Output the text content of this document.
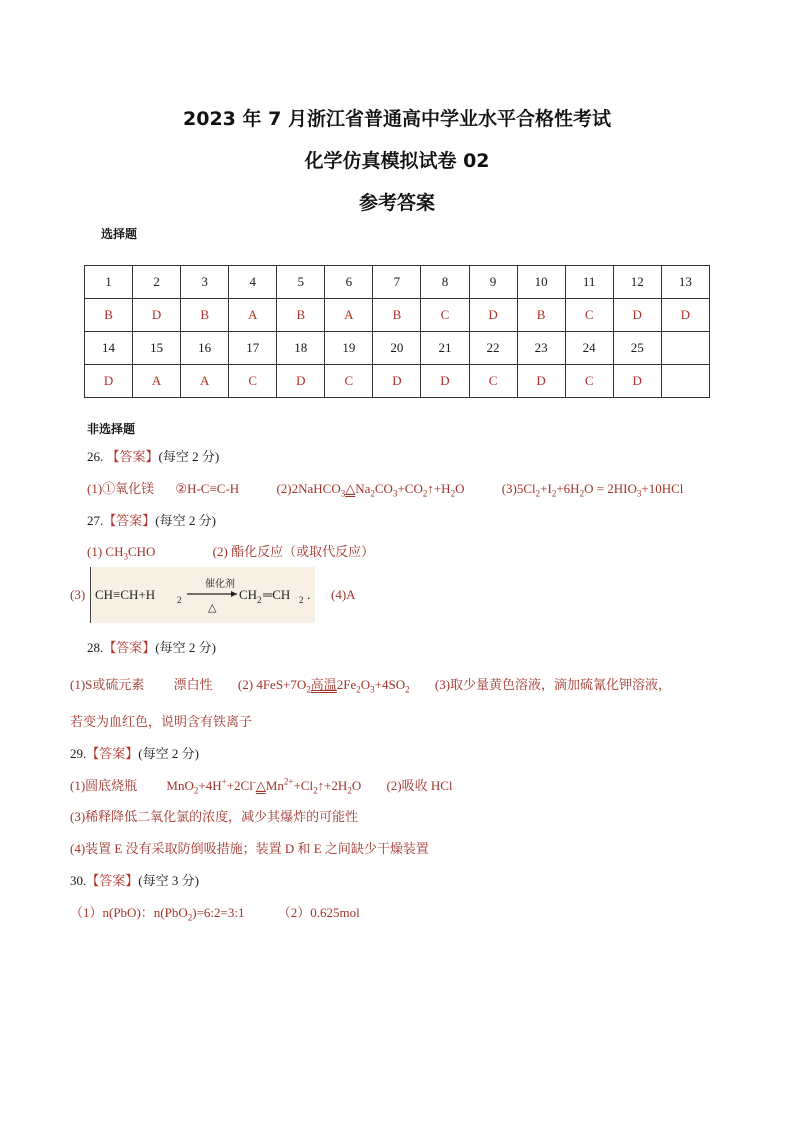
2023 年 7 月浙江省普通高中学业水平合格性考试
化学仿真模拟试卷 02
参考答案
选择题
1	2	3	4	5	6	7	8	9	10	11	12	13
B	D	B	A	B	A	B	C	D	B	C	D	D
14	15	16	17	18	19	20	21	22	23	24	25	
D	A	A	C	D	C	D	D	C	D	C	D	
非选择题
26. 【答案】(每空 2 分)
(1)①氧化镁 ②H-C≡C-H	$(2)2NaHCO_3\triangle Na_2CO_3+CO_2↑+H_2O$	$(3)5Cl_2+I_2+6H_2O = 2HIO_3+10HCl$
27.【答案】(每空 2 分)
(1) $CH_3CHO$	(2) 酯化反应（或取代反应）
(3) CH≡CH+H 2
催化剂
△
CH 2 ═CH 2 . (4)A
28.【答案】(每空 2 分)
(1)S或硫元素 漂白性 (2) $4FeS+7O_2$高温$2Fe_2O_3+4SO_2$ (3)取少量黄色溶液，滴加硫氰化钾溶液，
若变为血红色，说明含有铁离子
29.【答案】(每空 2 分)
(1)圆底烧瓶 $MnO_2+4H^++2Cl^-\triangle Mn^{2+}+Cl_2↑+2H_2O$ (2)吸收 HCl
(3)稀释降低二氧化氯的浓度，减少其爆炸的可能性
(4)装置 E 没有采取防倒吸措施；装置 D 和 E 之间缺少干燥装置
30.【答案】(每空 3 分)
（1）n(PbO)：n(PbO$_2$)=6:2=3:1	（2）0.625mol
